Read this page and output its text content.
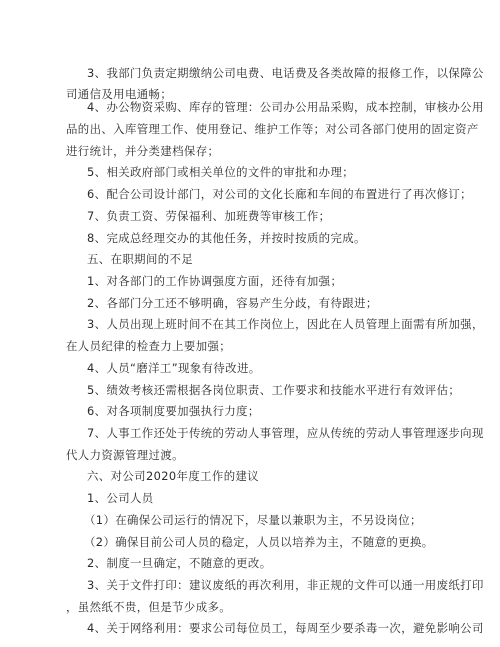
3、我部门负责定期缴纳公司电费、电话费及各类故障的报修工作，以保障公

司通信及用电通畅；

4、办公物资采购、库存的管理：公司办公用品采购，成本控制，审核办公用

品的出、入库管理工作、使用登记、维护工作等；对公司各部门使用的固定资产

进行统计，并分类建档保存；

5、相关政府部门或相关单位的文件的审批和办理；

6、配合公司设计部门，对公司的文化长廊和车间的布置进行了再次修订；

7、负责工资、劳保福利、加班费等审核工作；

8、完成总经理交办的其他任务，并按时按质的完成。

五、在职期间的不足

1、对各部门的工作协调强度方面，还待有加强；

2、各部门分工还不够明确，容易产生分歧，有待跟进；

3、人员出现上班时间不在其工作岗位上，因此在人员管理上面需有所加强，

在人员纪律的检查力上要加强；

4、人员“磨洋工”现象有待改进。

5、绩效考核还需根据各岗位职责、工作要求和技能水平进行有效评估；

6、对各项制度要加强执行力度；

7、人事工作还处于传统的劳动人事管理，应从传统的劳动人事管理逐步向现

代人力资源管理过渡。

六、对公司2020年度工作的建议

1、公司人员

（1）在确保公司运行的情况下，尽量以兼职为主，不另设岗位；

（2）确保目前公司人员的稳定，人员以培养为主，不随意的更换。

2、制度一旦确定，不随意的更改。

3、关于文件打印：建议废纸的再次利用，非正规的文件可以通一用废纸打印

，虽然纸不贵，但是节少成多。

4、关于网络利用：要求公司每位员工，每周至少要杀毒一次，避免影响公司
